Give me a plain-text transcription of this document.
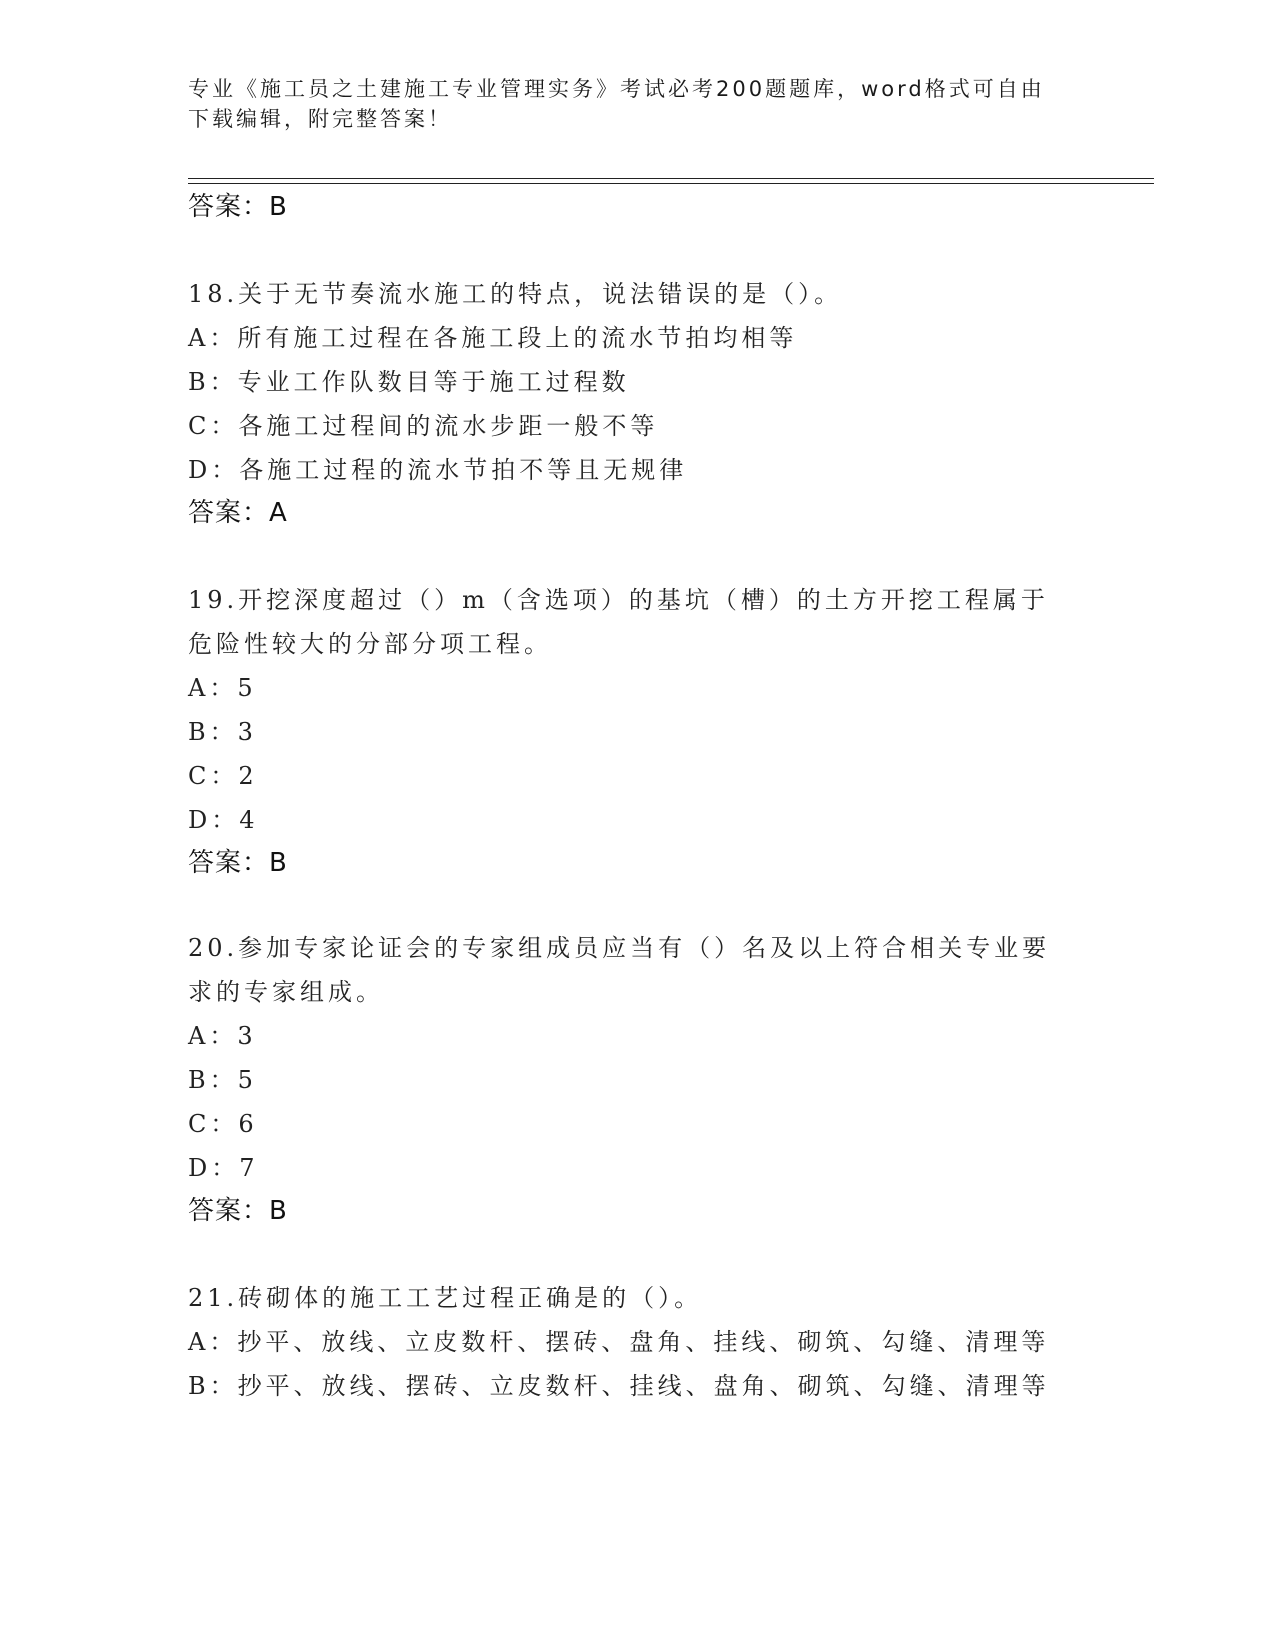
专业《施工员之土建施工专业管理实务》考试必考200题题库，word格式可自由
下载编辑，附完整答案！
答案：B
18.关于无节奏流水施工的特点，说法错误的是（）。
A：所有施工过程在各施工段上的流水节拍均相等
B：专业工作队数目等于施工过程数
C：各施工过程间的流水步距一般不等
D：各施工过程的流水节拍不等且无规律
答案：A
19.开挖深度超过（）m（含选项）的基坑（槽）的土方开挖工程属于
危险性较大的分部分项工程。
A：5
B：3
C：2
D：4
答案：B
20.参加专家论证会的专家组成员应当有（）名及以上符合相关专业要
求的专家组成。
A：3
B：5
C：6
D：7
答案：B
21.砖砌体的施工工艺过程正确是的（）。
A：抄平、放线、立皮数杆、摆砖、盘角、挂线、砌筑、勾缝、清理等
B：抄平、放线、摆砖、立皮数杆、挂线、盘角、砌筑、勾缝、清理等
